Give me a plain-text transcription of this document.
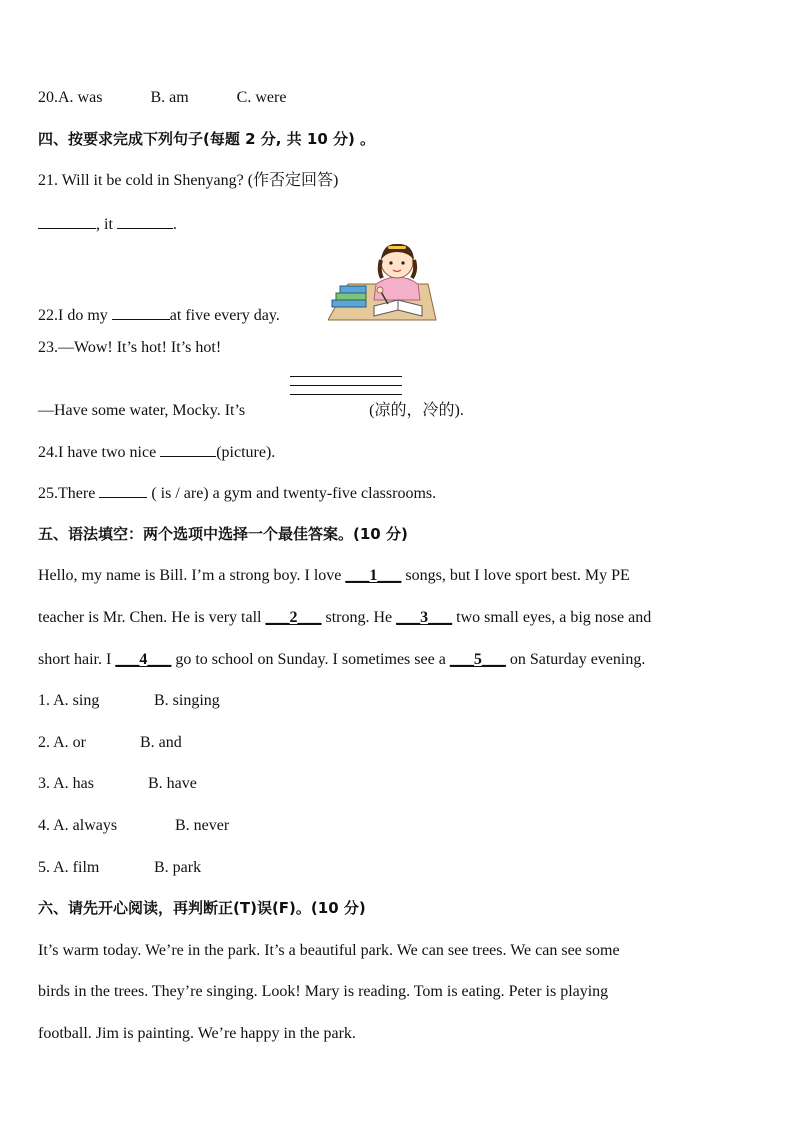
20.A. was	B. am	C. were
四、按要求完成下列句子(每题 2 分, 共 10 分) 。
21. Will it be cold in Shenyang? (作否定回答)
, it	.
22.I do my	at five every day.
23.—Wow! It’s hot! It’s hot!
—Have some water, Mocky. It’s	(凉的，冷的).
24.I have two nice	(picture).
25.There	( is / are) a gym and twenty-five classrooms.
五、语法填空：两个选项中选择一个最佳答案。(10 分)
Hello, my name is Bill. I’m a strong boy. I love ___1___ songs, but I love sport best. My PE
teacher is Mr. Chen. He is very tall ___2___ strong. He ___3___ two small eyes, a big nose and
short hair. I ___4___ go to school on Sunday. I sometimes see a ___5___ on Saturday evening.
1. A. sing	B. singing
2. A. or	B. and
3. A. has	B. have
4. A. always	B. never
5. A. film	B. park
六、请先开心阅读，再判断正(T)误(F)。(10 分)
It’s warm today. We’re in the park. It’s a beautiful park. We can see trees. We can see some
birds in the trees. They’re singing. Look! Mary is reading. Tom is eating. Peter is playing
football. Jim is painting. We’re happy in the park.
